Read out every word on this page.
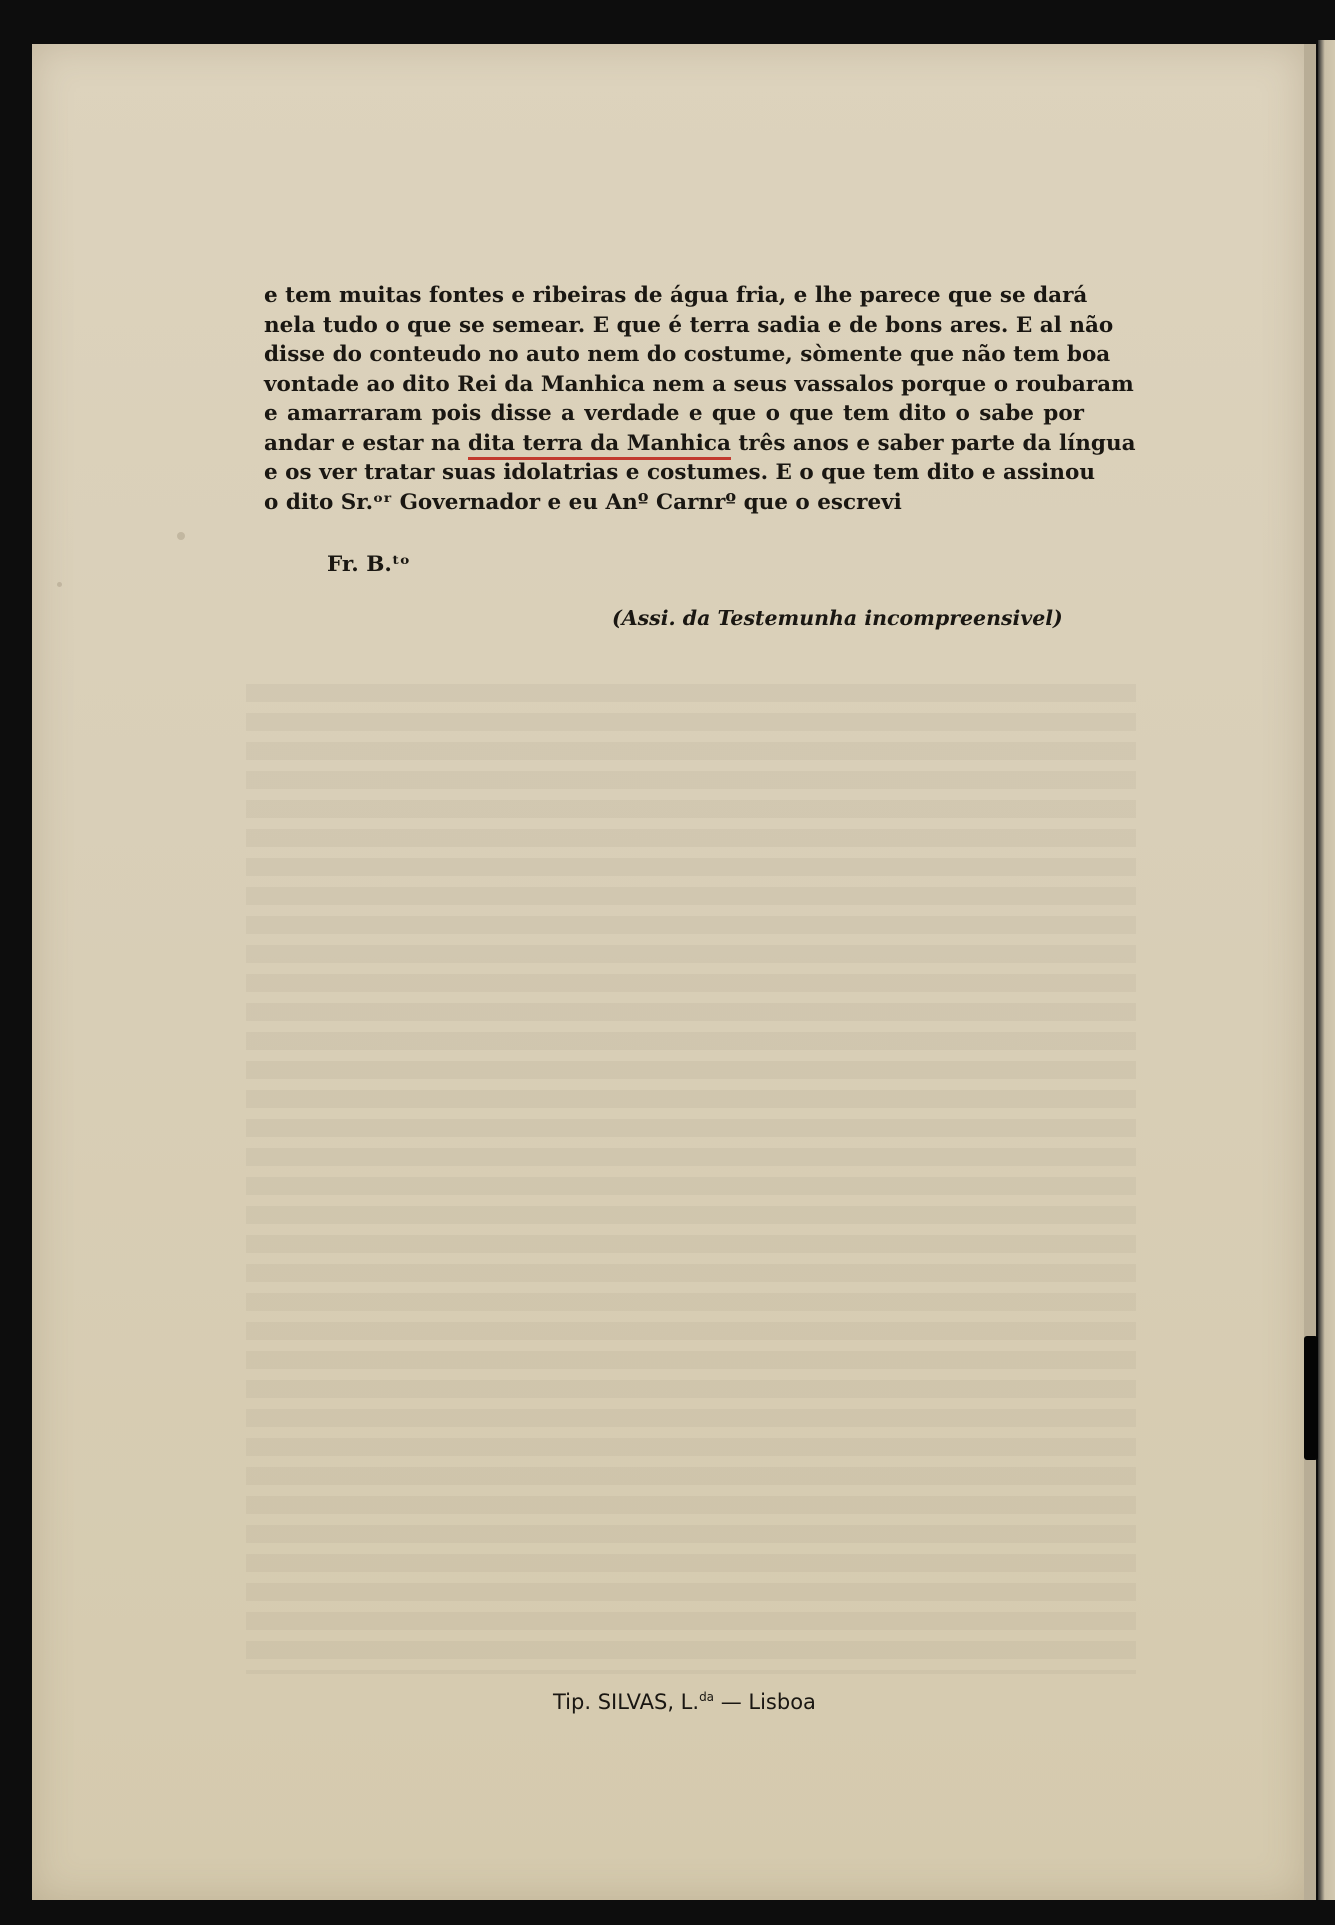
e tem muitas fontes e ribeiras de água fria, e lhe parece que se dará
nela tudo o que se semear. E que é terra sadia e de bons ares. E al não
disse do conteudo no auto nem do costume, sòmente que não tem boa
vontade ao dito Rei da Manhica nem a seus vassalos porque o roubaram
e amarraram pois disse a verdade e que o que tem dito o sabe por
andar e estar na dita terra da Manhica três anos e saber parte da língua
e os ver tratar suas idolatrias e costumes. E o que tem dito e assinou
o dito Sr.ᵒʳ Governador e eu Anº Carnrº que o escrevi
Fr. B.ᵗᵒ
(Assi. da Testemunha incompreensivel)
Tip. SILVAS, L.$^{da}$ — Lisboa
